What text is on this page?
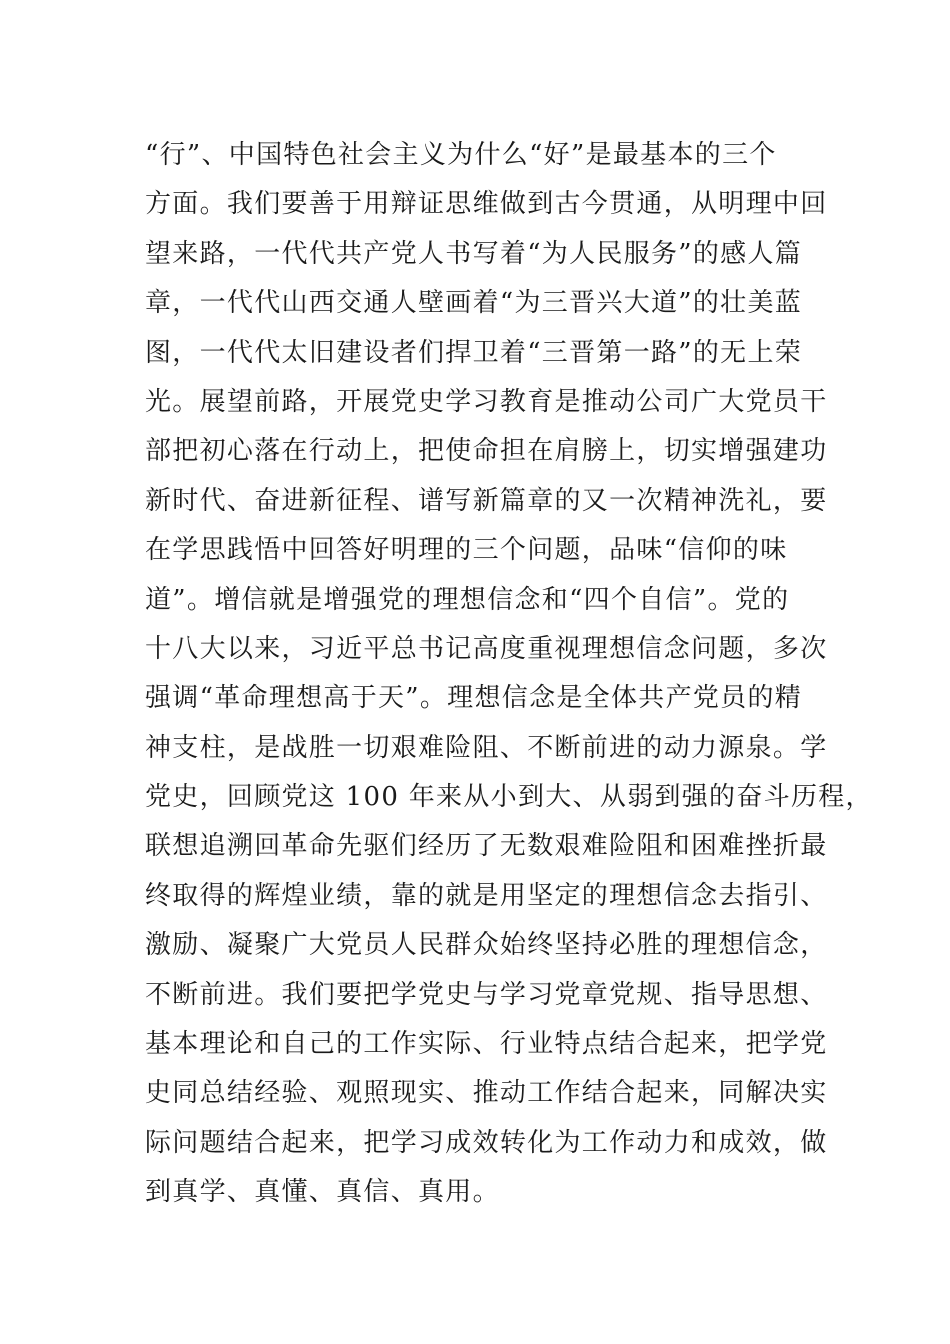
“行”、中国特色社会主义为什么“好”是最基本的三个
方面。我们要善于用辩证思维做到古今贯通，从明理中回
望来路，一代代共产党人书写着“为人民服务”的感人篇
章，一代代山西交通人壁画着“为三晋兴大道”的壮美蓝
图，一代代太旧建设者们捍卫着“三晋第一路”的无上荣
光。展望前路，开展党史学习教育是推动公司广大党员干
部把初心落在行动上，把使命担在肩膀上，切实增强建功
新时代、奋进新征程、谱写新篇章的又一次精神洗礼，要
在学思践悟中回答好明理的三个问题，品味“信仰的味
道”。增信就是增强党的理想信念和“四个自信”。党的
十八大以来，习近平总书记高度重视理想信念问题，多次
强调“革命理想高于天”。理想信念是全体共产党员的精
神支柱，是战胜一切艰难险阻、不断前进的动力源泉。学
党史，回顾党这 100 年来从小到大、从弱到强的奋斗历程，
联想追溯回革命先驱们经历了无数艰难险阻和困难挫折最
终取得的辉煌业绩，靠的就是用坚定的理想信念去指引、
激励、凝聚广大党员人民群众始终坚持必胜的理想信念，
不断前进。我们要把学党史与学习党章党规、指导思想、
基本理论和自己的工作实际、行业特点结合起来，把学党
史同总结经验、观照现实、推动工作结合起来，同解决实
际问题结合起来，把学习成效转化为工作动力和成效，做
到真学、真懂、真信、真用。
